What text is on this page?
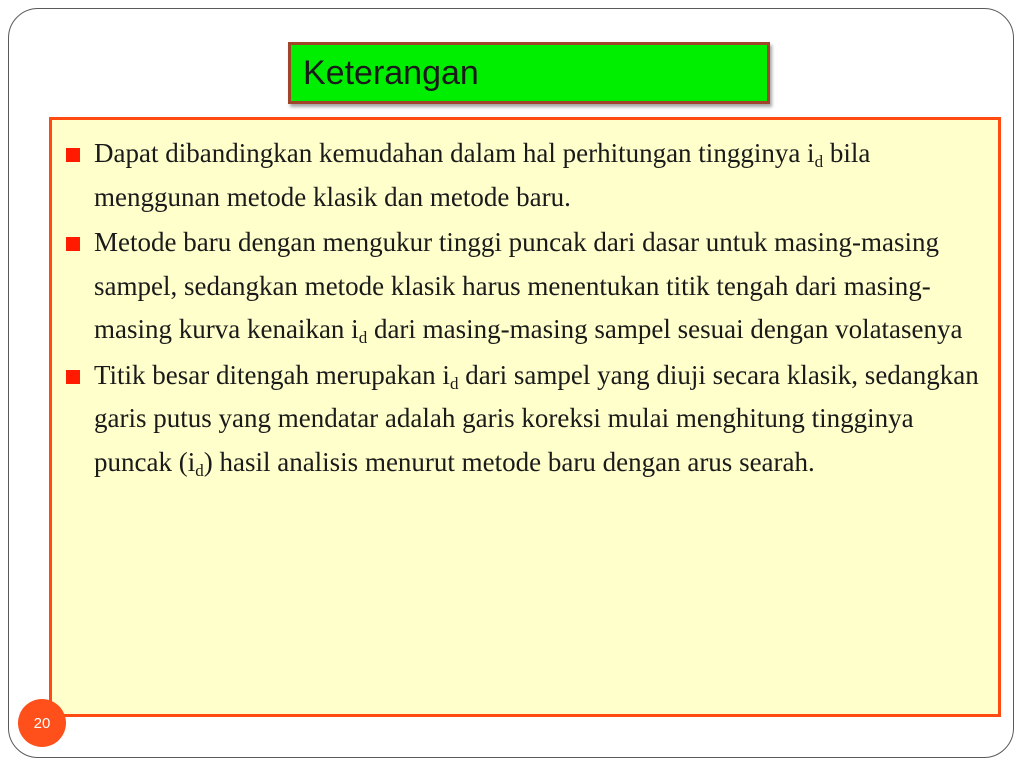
Keterangan
Dapat dibandingkan kemudahan dalam hal perhitungan tingginya $i_d$ bila menggunan metode klasik dan metode baru.
Metode baru dengan mengukur tinggi puncak dari dasar untuk masing-masing sampel, sedangkan metode klasik harus menentukan titik tengah dari masing-masing kurva kenaikan $i_d$ dari masing-masing sampel sesuai dengan volatasenya
Titik besar ditengah merupakan $i_d$ dari sampel yang diuji secara klasik, sedangkan garis putus yang mendatar adalah garis koreksi mulai menghitung tingginya puncak $(i_d)$ hasil analisis menurut metode baru dengan arus searah.
20
